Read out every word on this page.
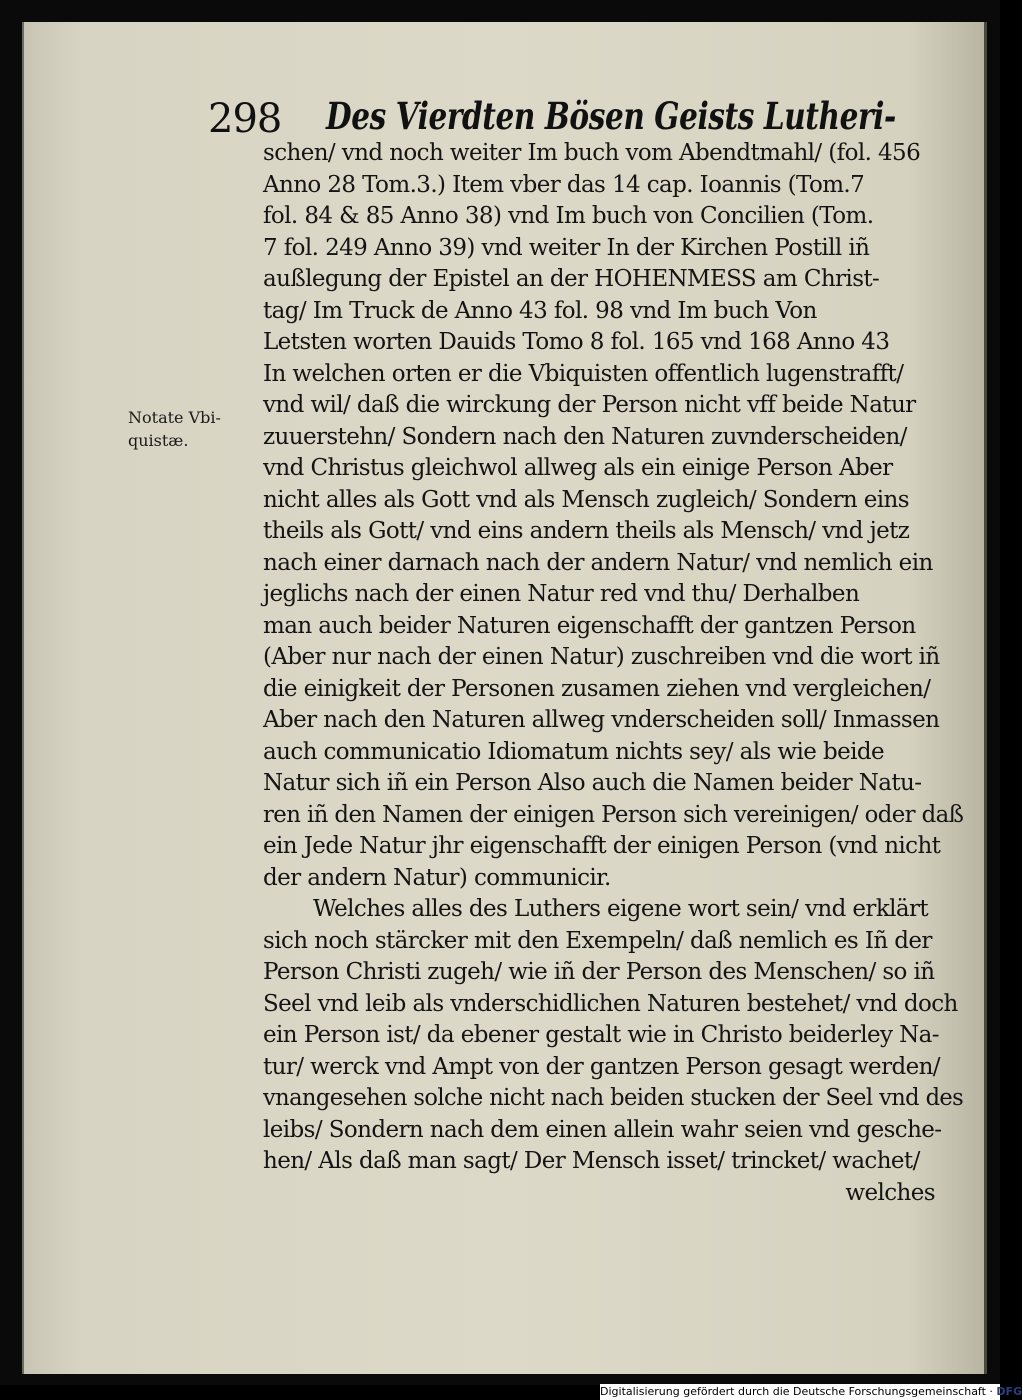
298 Des Vierdten Bösen Geists Lutheri-
Notate Vbi-quistæ.
schen/ vnd noch weiter Im buch vom Abendtmahl/ (fol. 456
Anno 28 Tom.3.) Item vber das 14 cap. Ioannis (Tom.7
fol. 84 & 85 Anno 38) vnd Im buch von Concilien (Tom.
7 fol. 249 Anno 39) vnd weiter In der Kirchen Postill iñ
außlegung der Epistel an der HOHENMESS am Christ-
tag/ Im Truck de Anno 43 fol. 98 vnd Im buch Von
Letsten worten Dauids Tomo 8 fol. 165 vnd 168 Anno 43
In welchen orten er die Vbiquisten offentlich lugenstrafft/
vnd wil/ daß die wirckung der Person nicht vff beide Natur
zuuerstehn/ Sondern nach den Naturen zuvnderscheiden/
vnd Christus gleichwol allweg als ein einige Person Aber
nicht alles als Gott vnd als Mensch zugleich/ Sondern eins
theils als Gott/ vnd eins andern theils als Mensch/ vnd jetz
nach einer darnach nach der andern Natur/ vnd nemlich ein
jeglichs nach der einen Natur red vnd thu/ Derhalben
man auch beider Naturen eigenschafft der gantzen Person
(Aber nur nach der einen Natur) zuschreiben vnd die wort iñ
die einigkeit der Personen zusamen ziehen vnd vergleichen/
Aber nach den Naturen allweg vnderscheiden soll/ Inmassen
auch communicatio Idiomatum nichts sey/ als wie beide
Natur sich iñ ein Person Also auch die Namen beider Natu-
ren iñ den Namen der einigen Person sich vereinigen/ oder daß
ein Jede Natur jhr eigenschafft der einigen Person (vnd nicht
der andern Natur) communicir.
Welches alles des Luthers eigene wort sein/ vnd erklärt
sich noch stärcker mit den Exempeln/ daß nemlich es Iñ der
Person Christi zugeh/ wie iñ der Person des Menschen/ so iñ
Seel vnd leib als vnderschidlichen Naturen bestehet/ vnd doch
ein Person ist/ da ebener gestalt wie in Christo beiderley Na-
tur/ werck vnd Ampt von der gantzen Person gesagt werden/
vnangesehen solche nicht nach beiden stucken der Seel vnd des
leibs/ Sondern nach dem einen allein wahr seien vnd gesche-
hen/ Als daß man sagt/ Der Mensch isset/ trincket/ wachet/
welches
Digitalisierung gefördert durch die Deutsche Forschungsgemeinschaft · DFG
